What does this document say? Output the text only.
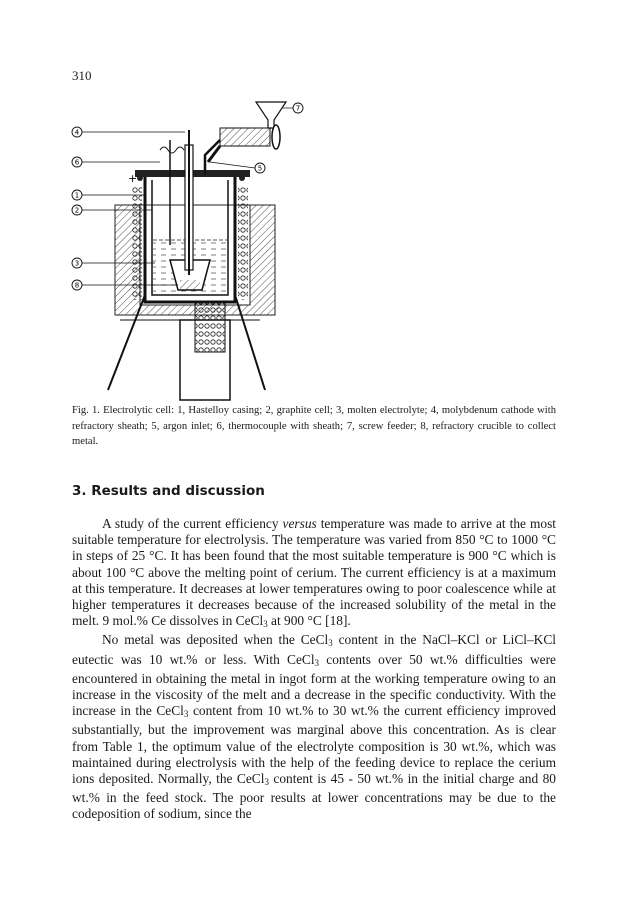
310
+
4
6
1
2
3
8
7
5
Fig. 1. Electrolytic cell: 1, Hastelloy casing; 2, graphite cell; 3, molten electrolyte; 4, molybdenum cathode with refractory sheath; 5, argon inlet; 6, thermocouple with sheath; 7, screw feeder; 8, refractory crucible to collect metal.
3. Results and discussion

A study of the current efficiency versus temperature was made to arrive at the most suitable temperature for electrolysis. The temperature was varied from 850 °C to 1000 °C in steps of 25 °C. It has been found that the most suitable temperature is 900 °C which is about 100 °C above the melting point of cerium. The current efficiency is at a maximum at this temperature. It decreases at lower temperatures owing to poor coalescence while at higher temperatures it decreases because of the increased solubility of the metal in the melt. 9 mol.% Ce dissolves in CeCl$_3$ at 900 °C [18].

No metal was deposited when the CeCl$_3$ content in the NaCl–KCl or LiCl–KCl eutectic was 10 wt.% or less. With CeCl$_3$ contents over 50 wt.% difficulties were encountered in obtaining the metal in ingot form at the working temperature owing to an increase in the viscosity of the melt and a decrease in the specific conductivity. With the increase in the CeCl$_3$ content from 10 wt.% to 30 wt.% the current efficiency improved substantially, but the improvement was marginal above this concentration. As is clear from Table 1, the optimum value of the electrolyte composition is 30 wt.%, which was maintained during electrolysis with the help of the feeding device to replace the cerium ions deposited. Normally, the CeCl$_3$ content is 45 - 50 wt.% in the initial charge and 80 wt.% in the feed stock. The poor results at lower concentrations may be due to the codeposition of sodium, since the
